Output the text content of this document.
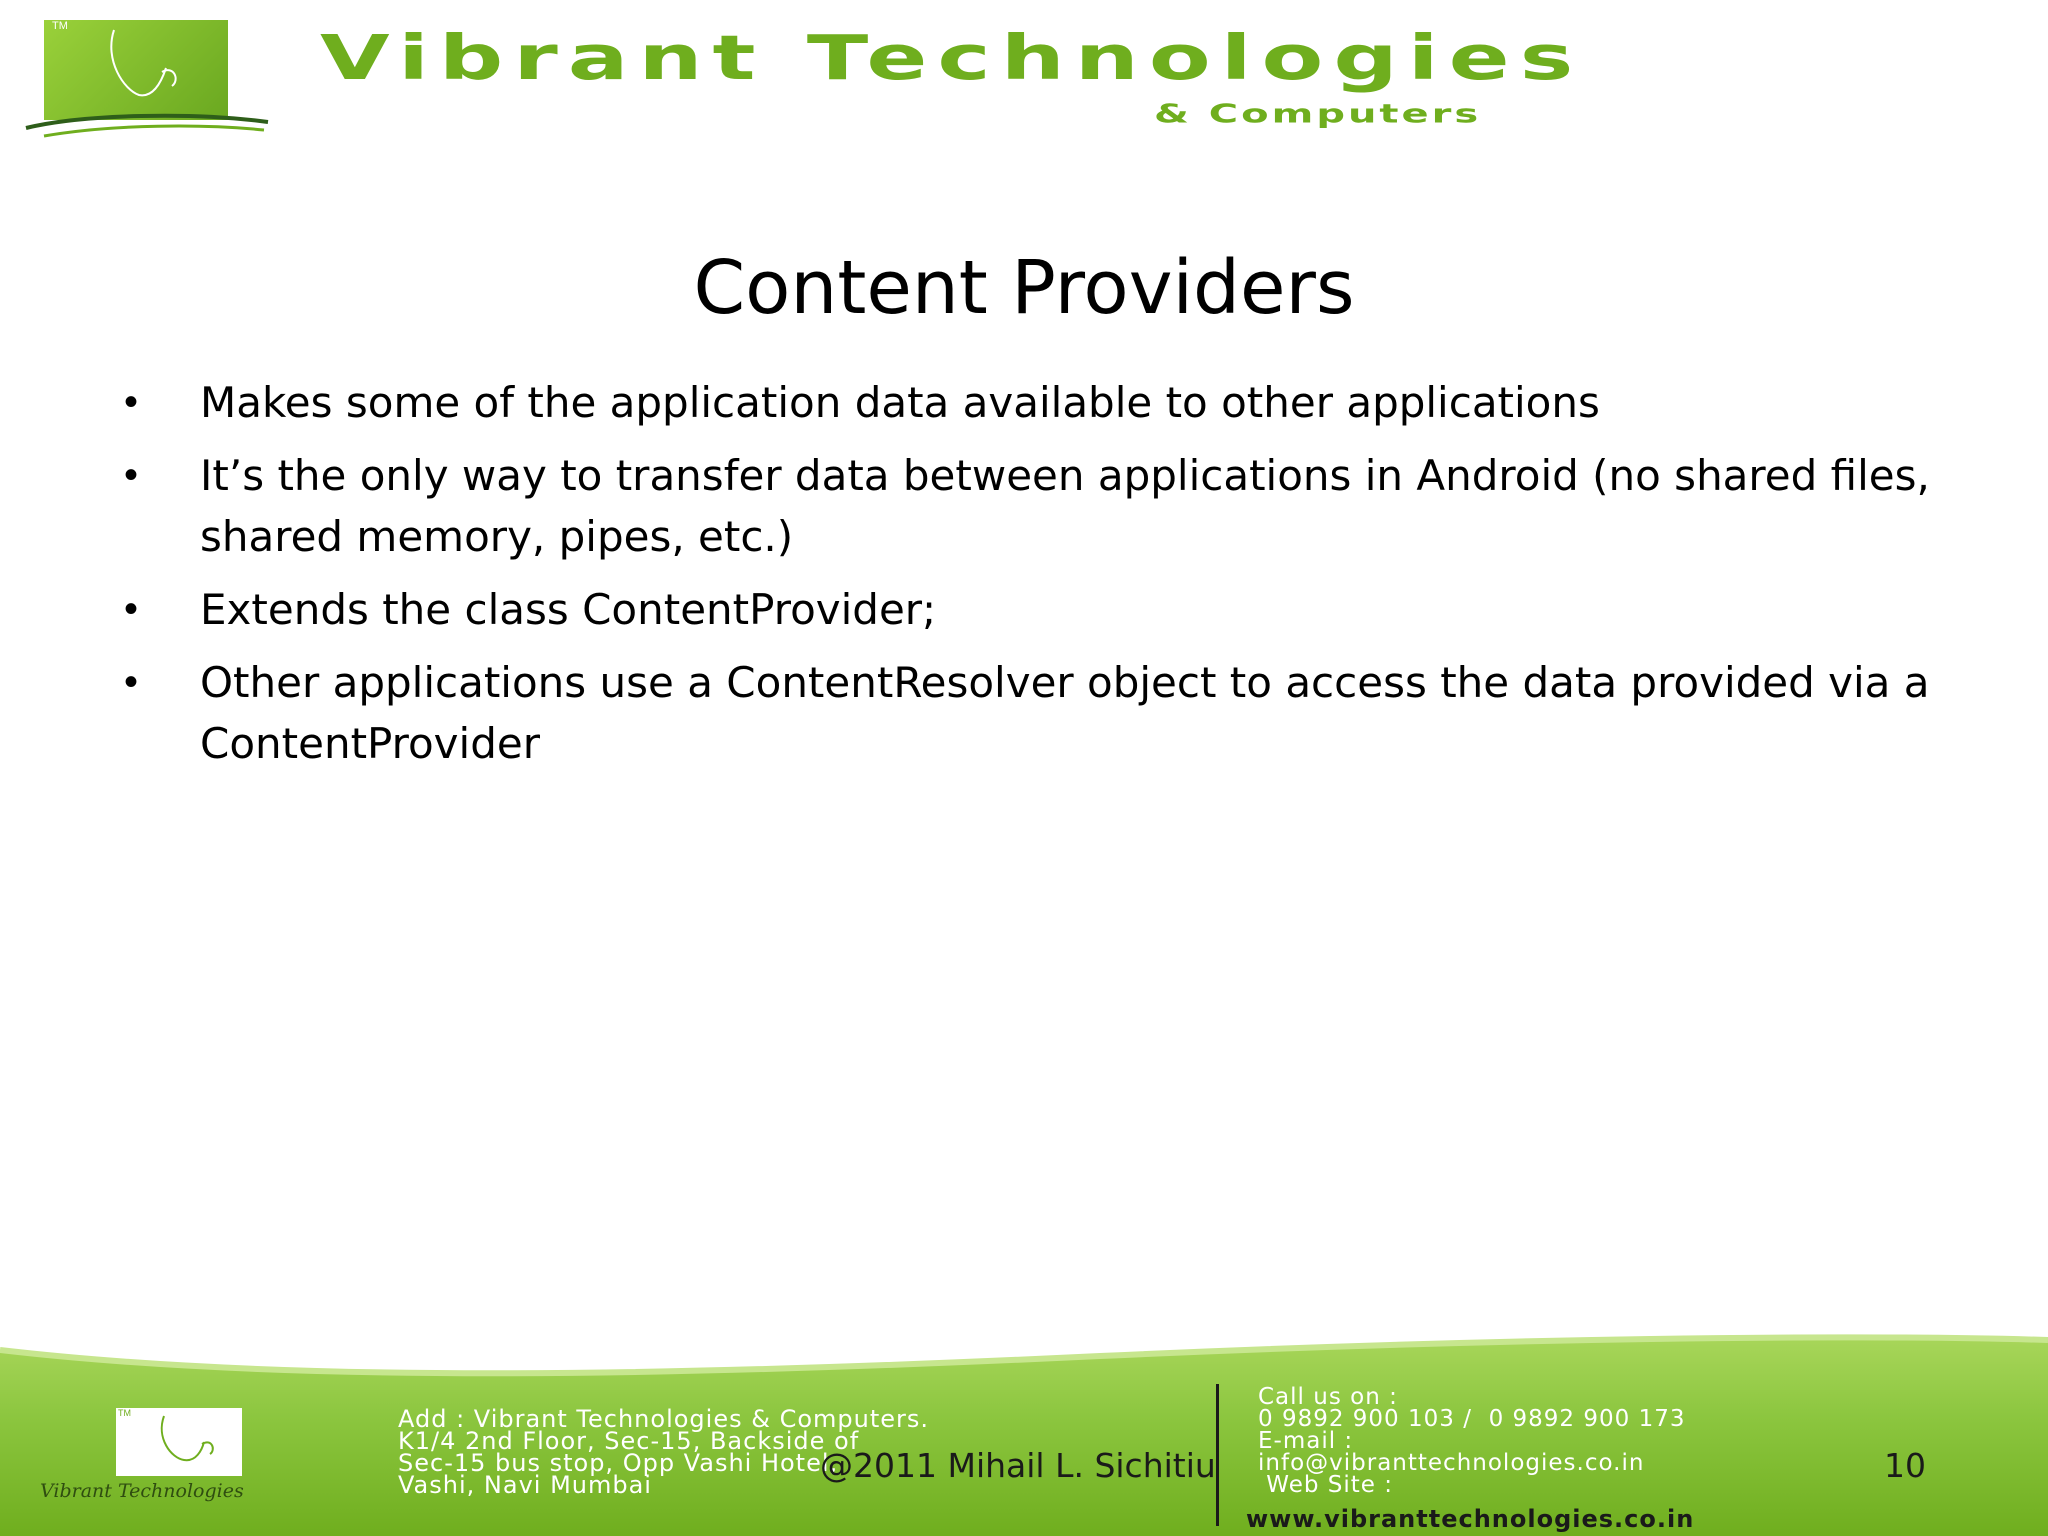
TM	Vibrant Technologies
& Computers
Content Providers
• Makes some of the application data available to other applications
• It’s the only way to transfer data between applications in Android (no shared files, shared memory, pipes, etc.)
• Extends the class ContentProvider;
• Other applications use a ContentResolver object to access the data provided via a ContentProvider
TM
Vibrant Technologies
Add : Vibrant Technologies & Computers.
K1/4 2nd Floor, Sec-15, Backside of
Sec-15 bus stop, Opp Vashi Hotel,
Vashi, Navi Mumbai
Call us on :
0 9892 900 103 /  0 9892 900 173
E-mail :
info@vibranttechnologies.co.in
Web Site :
www.vibranttechnologies.co.in
@2011 Mihail L. Sichitiu	10
